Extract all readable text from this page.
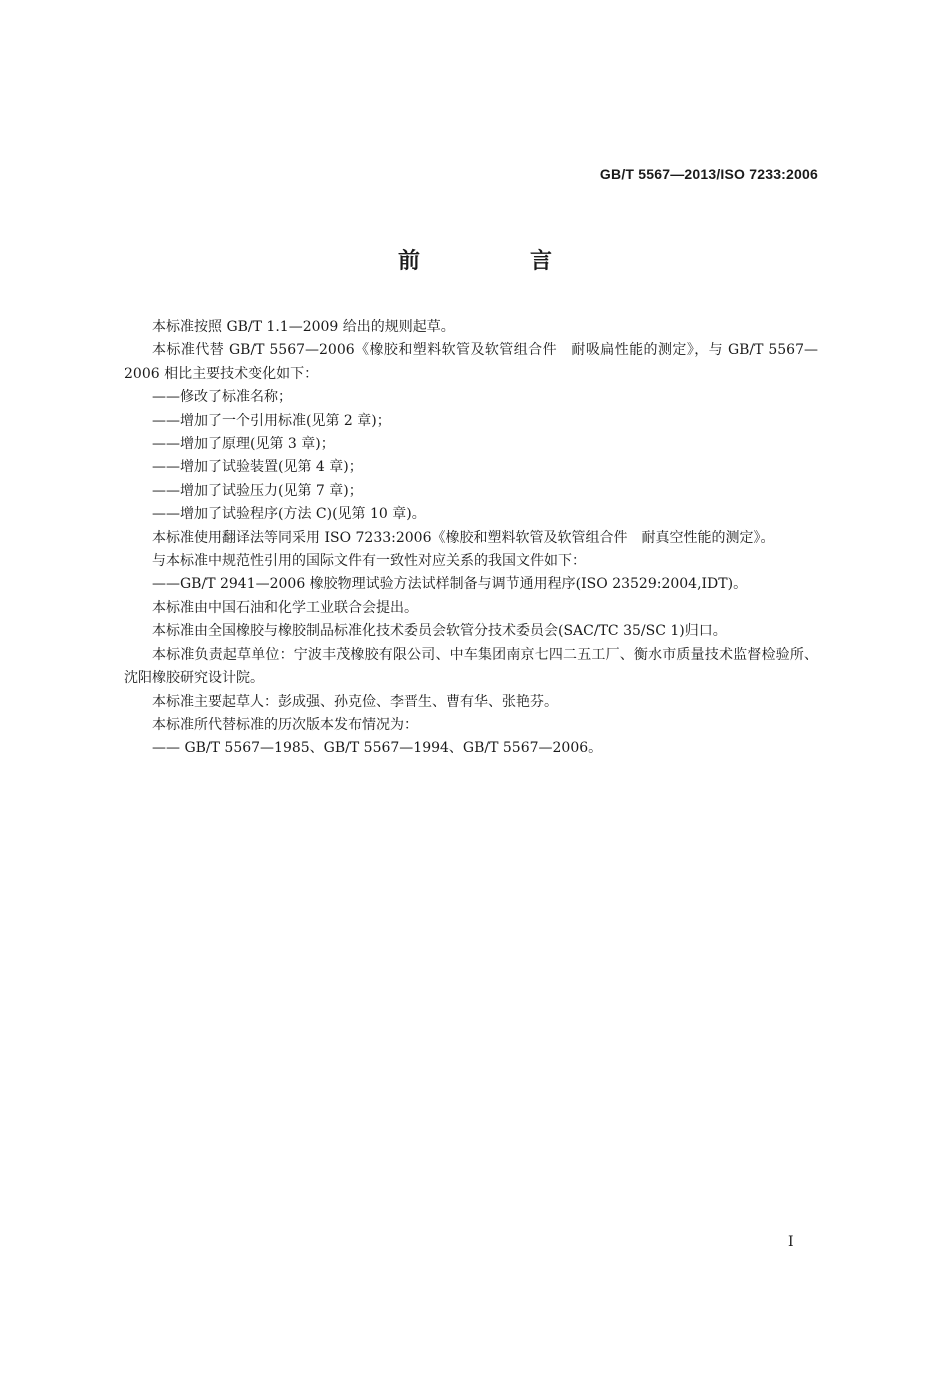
GB/T 5567—2013/ISO 7233:2006
前　言

本标准按照 GB/T 1.1—2009 给出的规则起草。

本标准代替 GB/T 5567—2006《橡胶和塑料软管及软管组合件　耐吸扁性能的测定》，与 GB/T 5567—2006 相比主要技术变化如下：

——修改了标准名称；

——增加了一个引用标准(见第 2 章)；

——增加了原理(见第 3 章)；

——增加了试验装置(见第 4 章)；

——增加了试验压力(见第 7 章)；

——增加了试验程序(方法 C)(见第 10 章)。

本标准使用翻译法等同采用 ISO 7233:2006《橡胶和塑料软管及软管组合件　耐真空性能的测定》。

与本标准中规范性引用的国际文件有一致性对应关系的我国文件如下：

——GB/T 2941—2006 橡胶物理试验方法试样制备与调节通用程序(ISO 23529:2004,IDT)。

本标准由中国石油和化学工业联合会提出。

本标准由全国橡胶与橡胶制品标准化技术委员会软管分技术委员会(SAC/TC 35/SC 1)归口。

本标准负责起草单位：宁波丰茂橡胶有限公司、中车集团南京七四二五工厂、衡水市质量技术监督检验所、沈阳橡胶研究设计院。

本标准主要起草人：彭成强、孙克俭、李晋生、曹有华、张艳芬。

本标准所代替标准的历次版本发布情况为：

—— GB/T 5567—1985、GB/T 5567—1994、GB/T 5567—2006。

I
